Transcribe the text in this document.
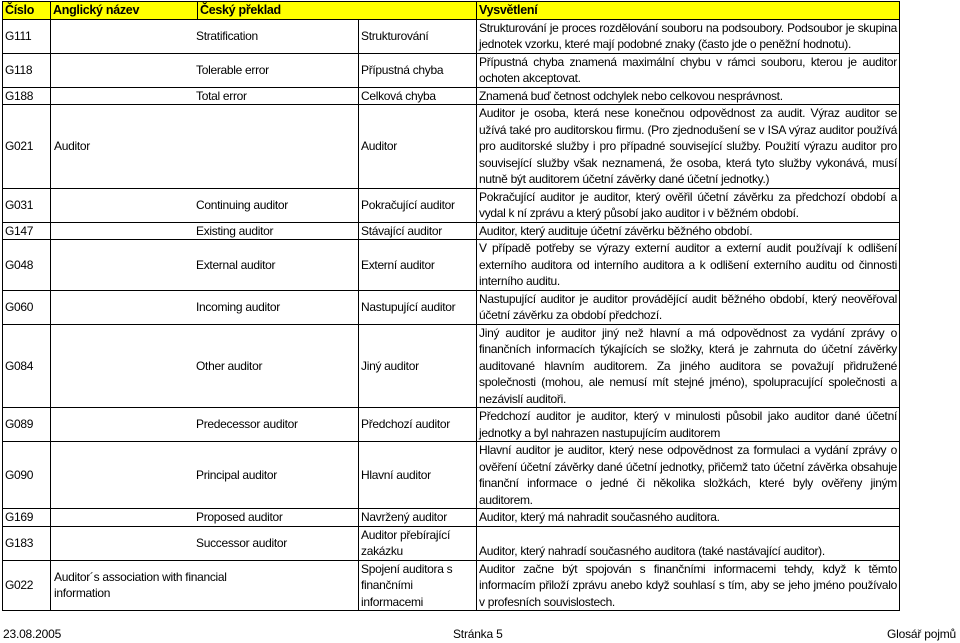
Číslo	Anglický název	Český překlad		Vysvětlení
G111	Stratification		Strukturování	Strukturování je proces rozdělování souboru na podsoubory. Podsoubor je skupina jednotek vzorku, které mají podobné znaky (často jde o peněžní hodnotu).
G118	Tolerable error		Přípustná chyba	Přípustná chyba znamená maximální chybu v rámci souboru, kterou je auditor ochoten akceptovat.
G188	Total error		Celková chyba	Znamená buď četnost odchylek nebo celkovou nesprávnost.
G021	Auditor		Auditor	Auditor je osoba, která nese konečnou odpovědnost za audit. Výraz auditor se užívá také pro auditorskou firmu. (Pro zjednodušení se v ISA výraz auditor používá pro auditorské služby i pro případné související služby. Použití výrazu auditor pro související služby však neznamená, že osoba, která tyto služby vykonává, musí nutně být auditorem účetní závěrky dané účetní jednotky.)
G031	Continuing auditor		Pokračující auditor	Pokračující auditor je auditor, který ověřil účetní závěrku za předchozí období a vydal k ní zprávu a který působí jako auditor i v běžném období.
G147	Existing auditor		Stávající auditor	Auditor, který audituje účetní závěrku běžného období.
G048	External auditor		Externí auditor	V případě potřeby se výrazy externí auditor a externí audit používají k odlišení externího auditora od interního auditora a k odlišení externího auditu od činnosti interního auditu.
G060	Incoming auditor		Nastupující auditor	Nastupující auditor je auditor provádějící audit běžného období, který neověřoval účetní závěrku za období předchozí.
G084	Other auditor		Jiný auditor	Jiný auditor je auditor jiný než hlavní a má odpovědnost za vydání zprávy o finančních informacích týkajících se složky, která je zahrnuta do účetní závěrky auditované hlavním auditorem. Za jiného auditora se považují přidružené společnosti (mohou, ale nemusí mít stejné jméno), spolupracující společnosti a nezávislí auditoři.
G089	Predecessor auditor		Předchozí auditor	Předchozí auditor je auditor, který v minulosti působil jako auditor dané účetní jednotky a byl nahrazen nastupujícím auditorem
G090	Principal auditor		Hlavní auditor	Hlavní auditor je auditor, který nese odpovědnost za formulaci a vydání zprávy o ověření účetní závěrky dané účetní jednotky, přičemž tato účetní závěrka obsahuje finanční informace o jedné či několika složkách, které byly ověřeny jiným auditorem.
G169	Proposed auditor		Navržený auditor	Auditor, který má nahradit současného auditora.
G183	Successor auditor		Auditor přebírající zakázku	Auditor, který nahradí současného auditora (také nastávající auditor).
G022	Auditor´s association with financial information		Spojení auditora s finančními informacemi	Auditor začne být spojován s finančními informacemi tehdy, když k těmto informacím přiloží zprávu anebo když souhlasí s tím, aby se jeho jméno používalo v profesních souvislostech.
23.08.2005	Stránka 5	Glosář pojmů
